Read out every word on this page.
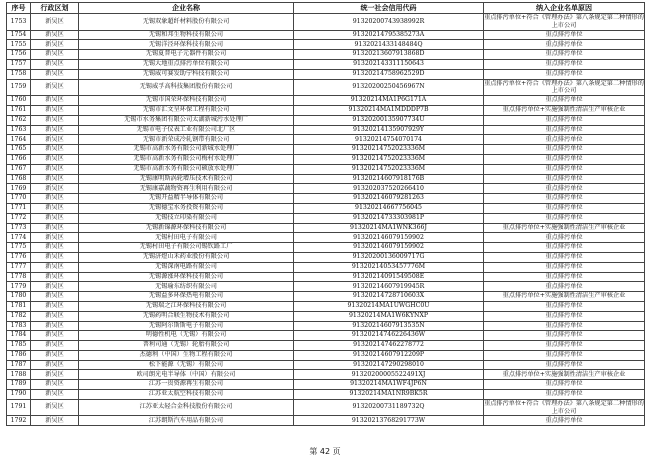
序号	行政区划	企业名称	统一社会信用代码	纳入企业名单原因
1753	新吴区	无锡双象超纤材料股份有限公司	91320200743938992R	重点排污单位+符合《管理办法》第八条规定第二种情形的上市公司
1754	新吴区	无锡和邦生物科技有限公司	91320214795385273A	重点排污单位
1755	新吴区	无锡洋泾环保科技有限公司	9132021433148484Q	重点排污单位
1756	新吴区	无锡夏普电子元器件有限公司	91320213607913868D	重点排污单位
1757	新吴区	无锡大地重点排污单位有限公司	913202143311150643	重点排污单位
1758	新吴区	无锡威可赛发助宁科技有限公司	91320214758962529D	重点排污单位
1759	新吴区	无锡威孚高科技集团股份有限公司	91320200250456967N	重点排污单位+符合《管理办法》第八条规定第二种情形的上市公司
1760	新吴区	无锡市国荣环保科技有限公司	91320214MA1P6G171A	重点排污单位
1761	新吴区	无锡市汇文呈环保工程有限公司	91320214MA1MDDDP7B	重点排污单位+实施强制性清洁生产审核企业
1762	新吴区	无锡市水务集团有限公司太湖新城污水处理厂	91320200135907734U	重点排污单位
1763	新吴区	无锡市电子仪表工业有限公司北厂区	91320214135907929Y	重点排污单位
1764	新吴区	无锡市新荣成冷轧钢带有限公司	91320214754070174	重点排污单位
1765	新吴区	无锡市高新水务有限公司新城水处理厂	91320214752023336M	重点排污单位
1766	新吴区	无锡市高新水务有限公司梅村水处理厂	91320214752023336M	重点排污单位
1767	新吴区	无锡市高新水务有限公司硕放水处理厂	91320214752023336M	重点排污单位
1768	新吴区	无锡康明斯涡轮增压技术有限公司	91320214607918176B	重点排污单位
1769	新吴区	无锡康嘉蔬物资再生利用有限公司	913202037520266410	重点排污单位
1770	新吴区	无锡开益精半导体有限公司	913202146079281263	重点排污单位
1771	新吴区	无锡德宝水务投资有限公司	91320214667756045	重点排污单位
1772	新吴区	无锡技立印染有限公司	91320214733303981P	重点排污单位
1773	新吴区	无锡新锦源环保科技有限公司	91320214MA1WNK366J	重点排污单位+实施强制性清洁生产审核企业
1774	新吴区	无锡村田电子有限公司	913202146079159902	重点排污单位
1775	新吴区	无锡村田电子有限公司锡钦路工厂	913202146079159902	重点排污单位
1776	新吴区	无锡济煜山禾药业股份有限公司	91320200136009717G	重点排污单位
1777	新吴区	无锡深南电路有限公司	91320214053457776M	重点排污单位
1778	新吴区	无锡源涨环保科技有限公司	91320214091549508E	重点排污单位
1779	新吴区	无锡瑜东纺织有限公司	91320214607919945R	重点排污单位
1780	新吴区	无锡益多环保热电有限公司	91320214728710603X	重点排污单位+实施强制性清洁生产审核企业
1781	新吴区	无锡瑞之江环保科技有限公司	91320214MA1UWGHC0U	重点排污单位
1782	新吴区	无锡药明合联生物技术有限公司	91320214MA1W6KYNXP	重点排污单位
1783	新吴区	无锡阿尔斯斯电子有限公司	91320214607913535N	重点排污单位
1784	新吴区	明德性机电（无锡）有限公司	91320214746226436W	重点排污单位
1785	新吴区	普利司通（无锡）轮胎有限公司	913202147462278772	重点排污单位
1786	新吴区	杰德利（中国）生物工程有限公司	91320214607912209P	重点排污单位
1787	新吴区	松下能源（无锡）有限公司	913202147290298010	重点排污单位
1788	新吴区	欧司朗光电半导体（中国）有限公司	91320200005522491XJ	重点排污单位+实施强制性清洁生产审核企业
1789	新吴区	江苏一贵资源再生有限公司	91320214MA1WF4JP6N	重点排污单位
1790	新吴区	江苏亚太航空科技有限公司	91320214MA1NR9BK5R	重点排污单位
1791	新吴区	江苏亚太轻合金科技股份有限公司	91320200731189732Q	重点排污单位+符合《管理办法》第八条规定第二种情形的上市公司
1792	新吴区	江苏朗斯汽车用品有限公司	91320213768291773W	重点排污单位
第 42 页
